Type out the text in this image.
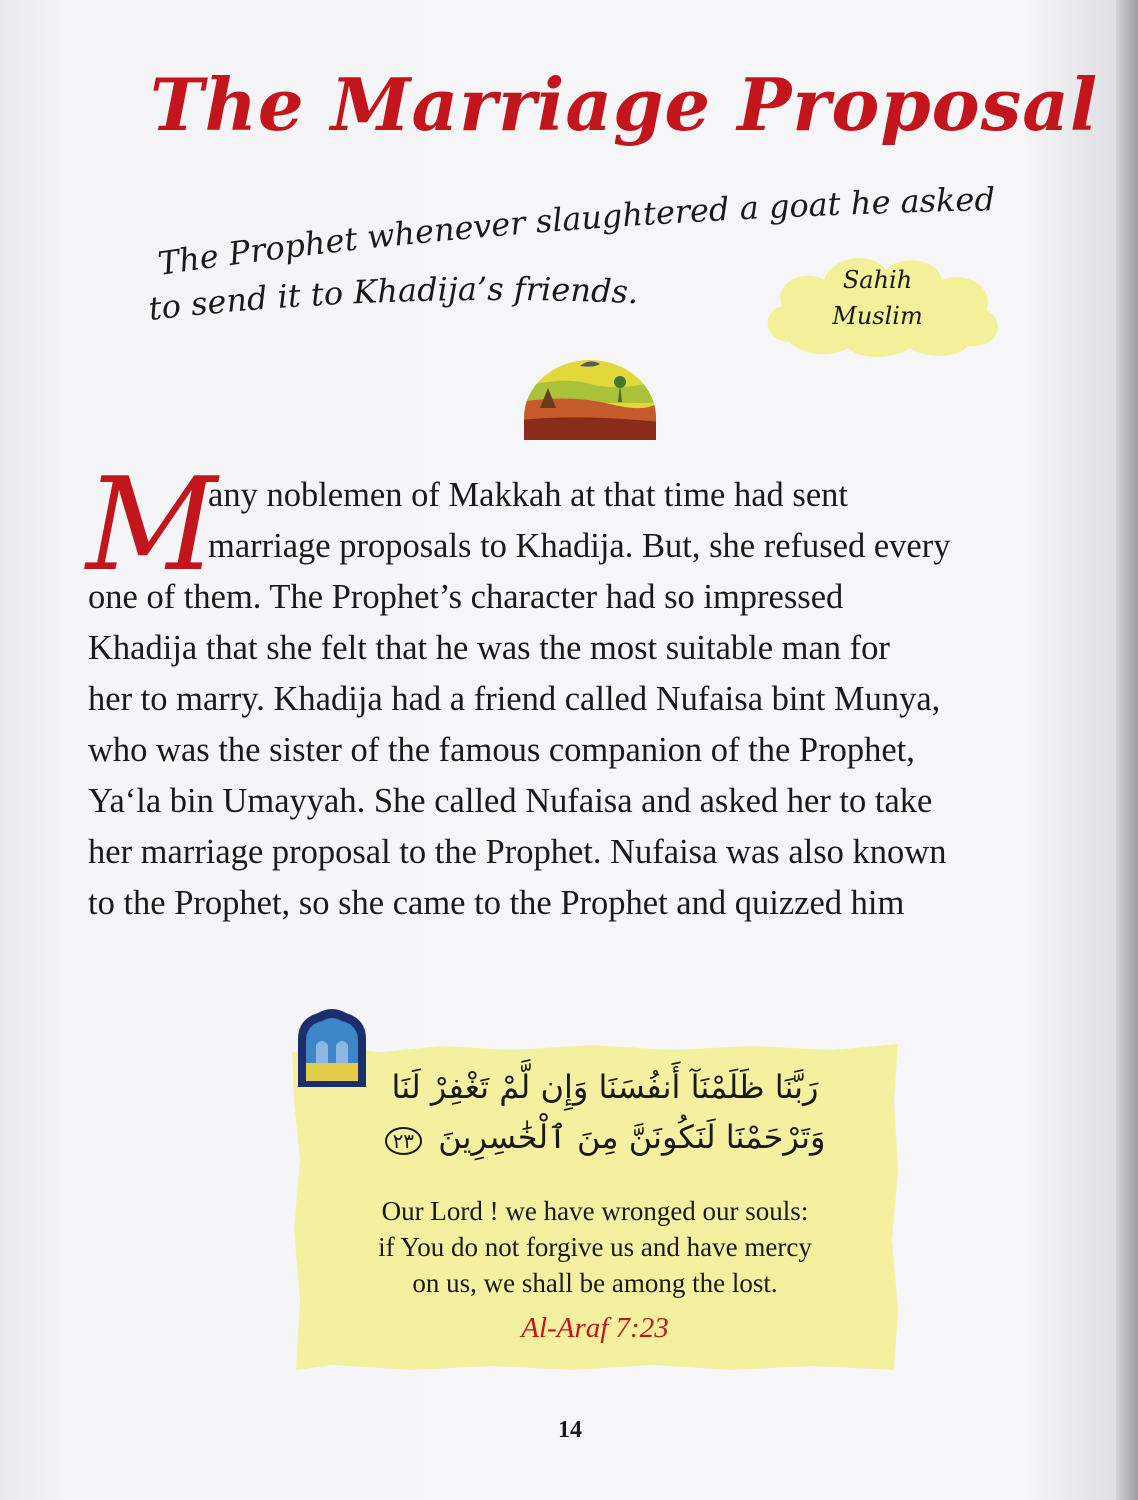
The Marriage Proposal
The Prophet whenever slaughtered a goat he asked
to send it to Khadija’s friends.	Sahih
Muslim
M

any noblemen of Makkah at that time had sent
marriage proposals to Khadija. But, she refused every
one of them. The Prophet’s character had so impressed
Khadija that she felt that he was the most suitable man for
her to marry. Khadija had a friend called Nufaisa bint Munya,
who was the sister of the famous companion of the Prophet,
Ya‘la bin Umayyah. She called Nufaisa and asked her to take
her marriage proposal to the Prophet. Nufaisa was also known
to the Prophet, so she came to the Prophet and quizzed him

رَبَّنَا ظَلَمْنَآ أَنفُسَنَا وَإِن لَّمْ تَغْفِرْ لَنَا
وَتَرْحَمْنَا لَنَكُونَنَّ مِنَ ٱلْخَٰسِرِينَ ٢٣
Our Lord ! we have wronged our souls:
if You do not forgive us and have mercy
on us, we shall be among the lost.
Al-Araf 7:23
14
